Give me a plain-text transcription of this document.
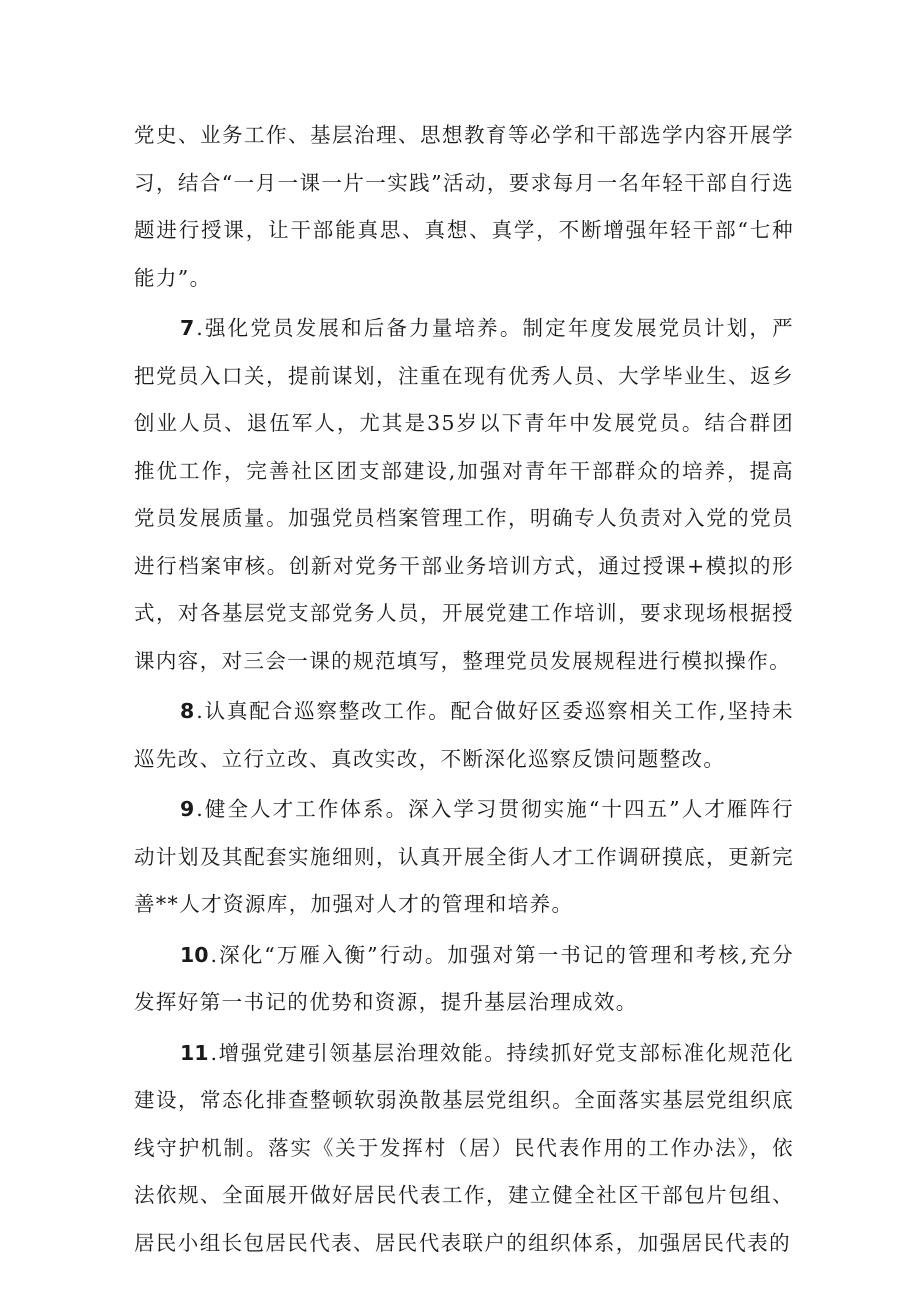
党史、业务工作、基层治理、思想教育等必学和干部选学内容开展学习，结合“一月一课一片一实践”活动，要求每月一名年轻干部自行选题进行授课，让干部能真思、真想、真学，不断增强年轻干部“七种能力”。

7.强化党员发展和后备力量培养。制定年度发展党员计划，严把党员入口关，提前谋划，注重在现有优秀人员、大学毕业生、返乡创业人员、退伍军人，尤其是35岁以下青年中发展党员。结合群团推优工作，完善社区团支部建设,加强对青年干部群众的培养，提高党员发展质量。加强党员档案管理工作，明确专人负责对入党的党员进行档案审核。创新对党务干部业务培训方式，通过授课+模拟的形式，对各基层党支部党务人员，开展党建工作培训，要求现场根据授课内容，对三会一课的规范填写，整理党员发展规程进行模拟操作。

8.认真配合巡察整改工作。配合做好区委巡察相关工作,坚持未巡先改、立行立改、真改实改，不断深化巡察反馈问题整改。

9.健全人才工作体系。深入学习贯彻实施“十四五”人才雁阵行动计划及其配套实施细则，认真开展全街人才工作调研摸底，更新完善**人才资源库，加强对人才的管理和培养。

10.深化“万雁入衡”行动。加强对第一书记的管理和考核,充分发挥好第一书记的优势和资源，提升基层治理成效。

11.增强党建引领基层治理效能。持续抓好党支部标准化规范化建设，常态化排查整顿软弱涣散基层党组织。全面落实基层党组织底线守护机制。落实《关于发挥村（居）民代表作用的工作办法》，依法依规、全面展开做好居民代表工作，建立健全社区干部包片包组、居民小组长包居民代表、居民代表联户的组织体系，加强居民代表的
